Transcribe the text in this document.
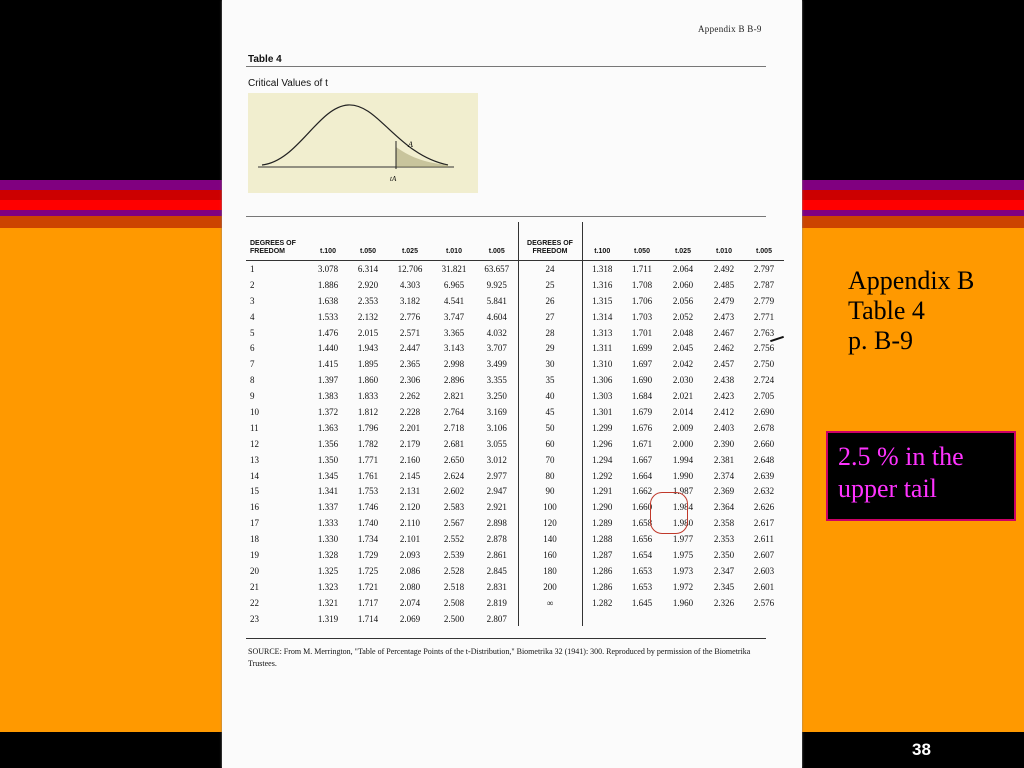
Appendix B B-9
Table 4
Critical Values of t
A
tA
DEGREES OF FREEDOM	t.100	t.050	t.025	t.010	t.005	DEGREES OF FREEDOM	t.100	t.050	t.025	t.010	t.005
1	3.078	6.314	12.706	31.821	63.657	24	1.318	1.711	2.064	2.492	2.797
2	1.886	2.920	4.303	6.965	9.925	25	1.316	1.708	2.060	2.485	2.787
3	1.638	2.353	3.182	4.541	5.841	26	1.315	1.706	2.056	2.479	2.779
4	1.533	2.132	2.776	3.747	4.604	27	1.314	1.703	2.052	2.473	2.771
5	1.476	2.015	2.571	3.365	4.032	28	1.313	1.701	2.048	2.467	2.763
6	1.440	1.943	2.447	3.143	3.707	29	1.311	1.699	2.045	2.462	2.756
7	1.415	1.895	2.365	2.998	3.499	30	1.310	1.697	2.042	2.457	2.750
8	1.397	1.860	2.306	2.896	3.355	35	1.306	1.690	2.030	2.438	2.724
9	1.383	1.833	2.262	2.821	3.250	40	1.303	1.684	2.021	2.423	2.705
10	1.372	1.812	2.228	2.764	3.169	45	1.301	1.679	2.014	2.412	2.690
11	1.363	1.796	2.201	2.718	3.106	50	1.299	1.676	2.009	2.403	2.678
12	1.356	1.782	2.179	2.681	3.055	60	1.296	1.671	2.000	2.390	2.660
13	1.350	1.771	2.160	2.650	3.012	70	1.294	1.667	1.994	2.381	2.648
14	1.345	1.761	2.145	2.624	2.977	80	1.292	1.664	1.990	2.374	2.639
15	1.341	1.753	2.131	2.602	2.947	90	1.291	1.662	1.987	2.369	2.632
16	1.337	1.746	2.120	2.583	2.921	100	1.290	1.660	1.984	2.364	2.626
17	1.333	1.740	2.110	2.567	2.898	120	1.289	1.658	1.980	2.358	2.617
18	1.330	1.734	2.101	2.552	2.878	140	1.288	1.656	1.977	2.353	2.611
19	1.328	1.729	2.093	2.539	2.861	160	1.287	1.654	1.975	2.350	2.607
20	1.325	1.725	2.086	2.528	2.845	180	1.286	1.653	1.973	2.347	2.603
21	1.323	1.721	2.080	2.518	2.831	200	1.286	1.653	1.972	2.345	2.601
22	1.321	1.717	2.074	2.508	2.819	∞	1.282	1.645	1.960	2.326	2.576
23	1.319	1.714	2.069	2.500	2.807						
SOURCE: From M. Merrington, "Table of Percentage Points of the t-Distribution," Biometrika 32 (1941): 300. Reproduced by permission of the Biometrika Trustees.
Appendix B
Table 4
p. B-9
2.5 % in the
upper tail
38
